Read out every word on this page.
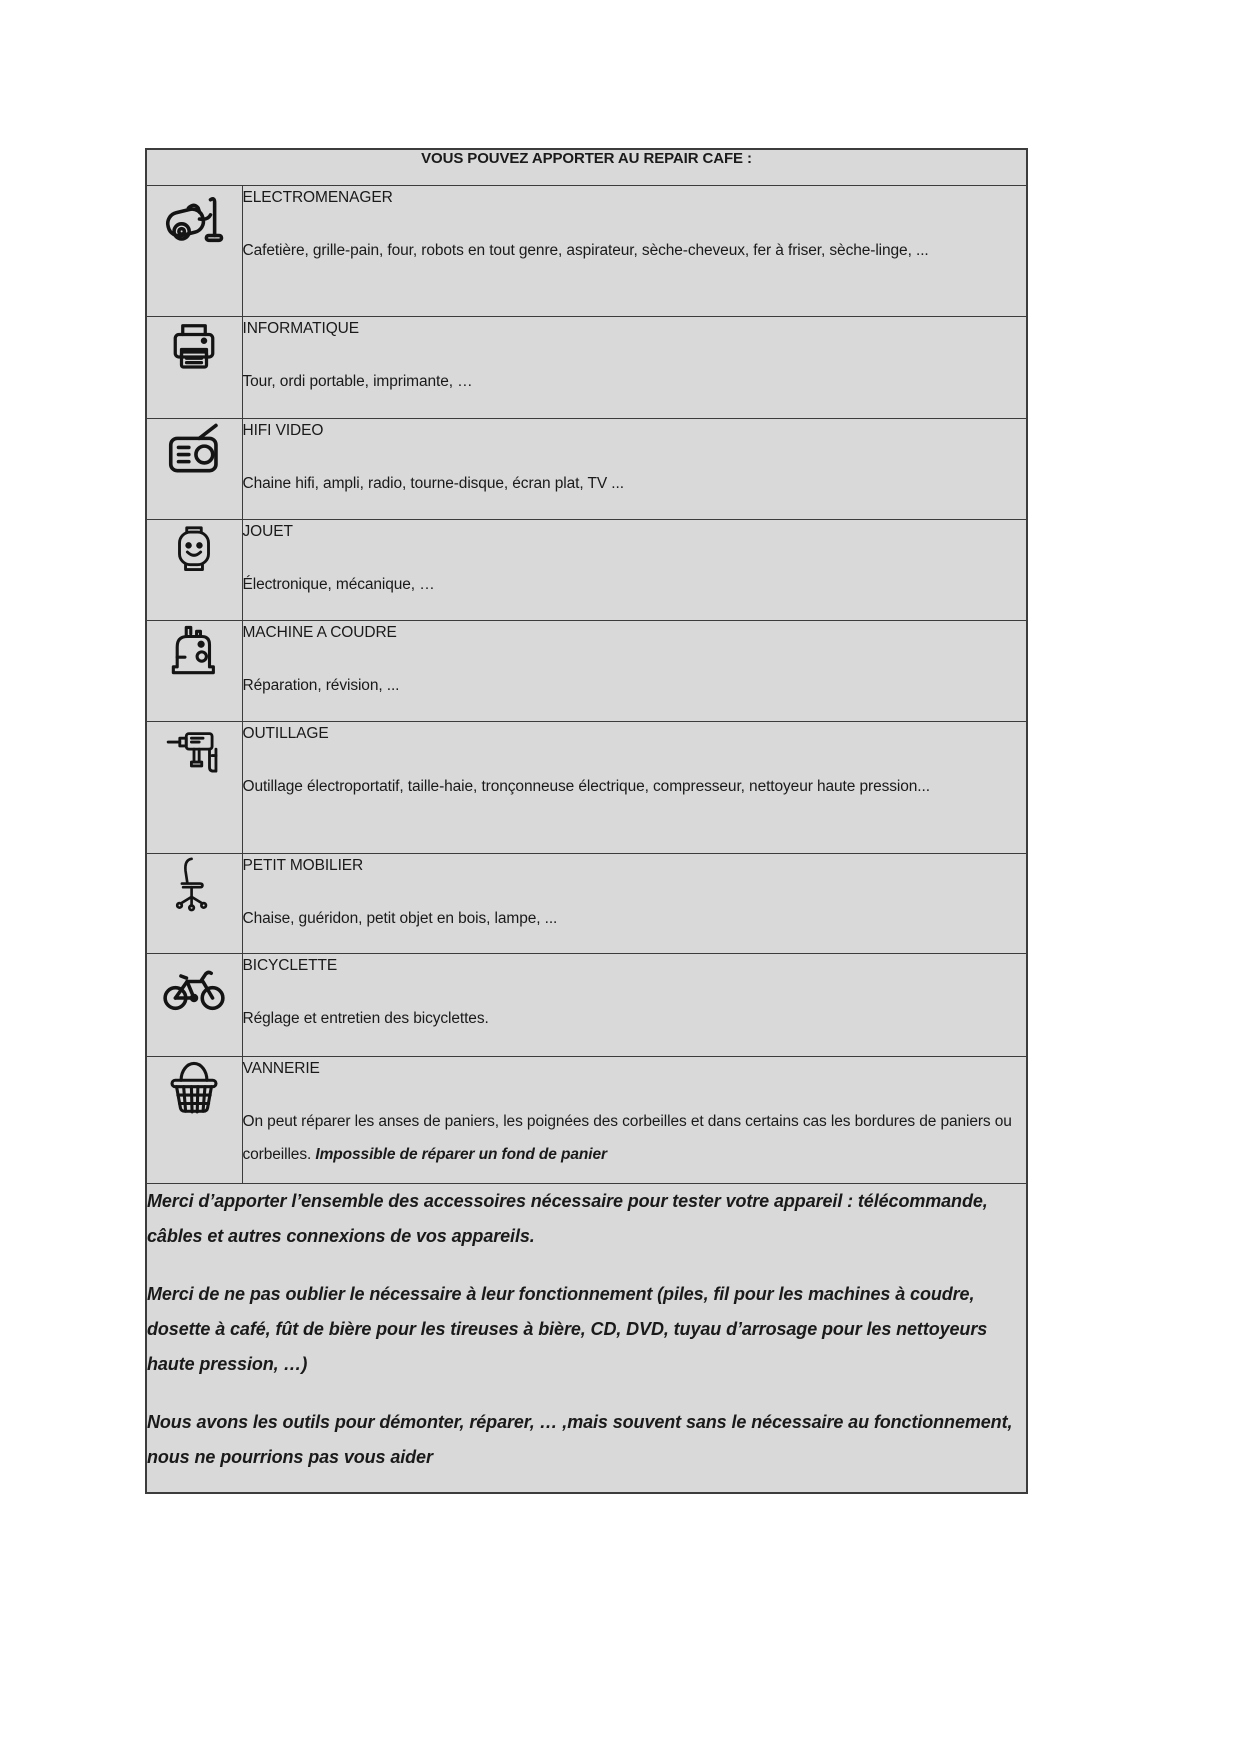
VOUS POUVEZ APPORTER AU REPAIR CAFE :	

ELECTROMENAGER
Cafetière, grille-pain, four, robots en tout genre, aspirateur, sèche-cheveux, fer à friser, sèche-linge, ...

INFORMATIQUE
Tour, ordi portable, imprimante, …

HIFI VIDEO
Chaine hifi, ampli, radio, tourne-disque, écran plat, TV ...

JOUET
Électronique, mécanique, …

MACHINE A COUDRE
Réparation, révision, ...

OUTILLAGE
Outillage électroportatif, taille-haie, tronçonneuse électrique, compresseur, nettoyeur haute pression...

PETIT MOBILIER
Chaise, guéridon, petit objet en bois, lampe, ...

BICYCLETTE
Réglage et entretien des bicyclettes.

VANNERIE
On peut réparer les anses de paniers, les poignées des corbeilles et dans certains cas les bordures de paniers ou corbeilles. Impossible de réparer un fond de panier

Merci d’apporter l’ensemble des accessoires nécessaire pour tester votre appareil : télécommande, câbles et autres connexions de vos appareils.

Merci de ne pas oublier le nécessaire à leur fonctionnement (piles, fil pour les machines à coudre, dosette à café, fût de bière pour les tireuses à bière, CD, DVD, tuyau d’arrosage pour les nettoyeurs haute pression, …)

Nous avons les outils pour démonter, réparer, … ,mais souvent sans le nécessaire au fonctionnement, nous ne pourrions pas vous aider	
